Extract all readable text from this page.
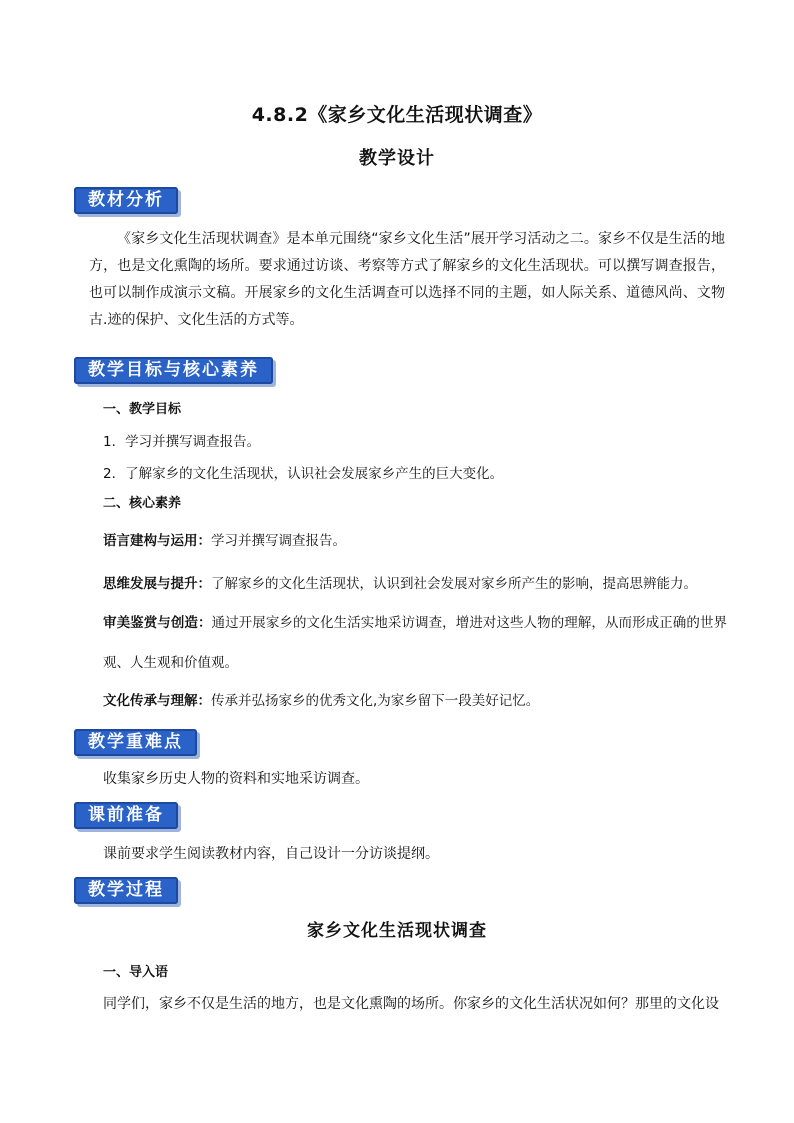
4.8.2《家乡文化生活现状调查》
教学设计
教材分析
《家乡文化生活现状调查》是本单元围绕“家乡文化生活”展开学习活动之二。家乡不仅是生活的地方，也是文化熏陶的场所。要求通过访谈、考察等方式了解家乡的文化生活现状。可以撰写调查报告，也可以制作成演示文稿。开展家乡的文化生活调查可以选择不同的主题，如人际关系、道德风尚、文物古.迹的保护、文化生活的方式等。
教学目标与核心素养
一、教学目标
1．学习并撰写调查报告。
2．了解家乡的文化生活现状，认识社会发展家乡产生的巨大变化。
二、核心素养
语言建构与运用：学习并撰写调查报告。
思维发展与提升：了解家乡的文化生活现状，认识到社会发展对家乡所产生的影响，提高思辨能力。
审美鉴赏与创造：通过开展家乡的文化生活实地采访调查，增进对这些人物的理解，从而形成正确的世界观、人生观和价值观。
文化传承与理解：传承并弘扬家乡的优秀文化,为家乡留下一段美好记忆。
教学重难点
收集家乡历史人物的资料和实地采访调查。
课前准备
课前要求学生阅读教材内容，自己设计一分访谈提纲。
教学过程
家乡文化生活现状调查
一、导入语
同学们，家乡不仅是生活的地方，也是文化熏陶的场所。你家乡的文化生活状况如何？那里的文化设
